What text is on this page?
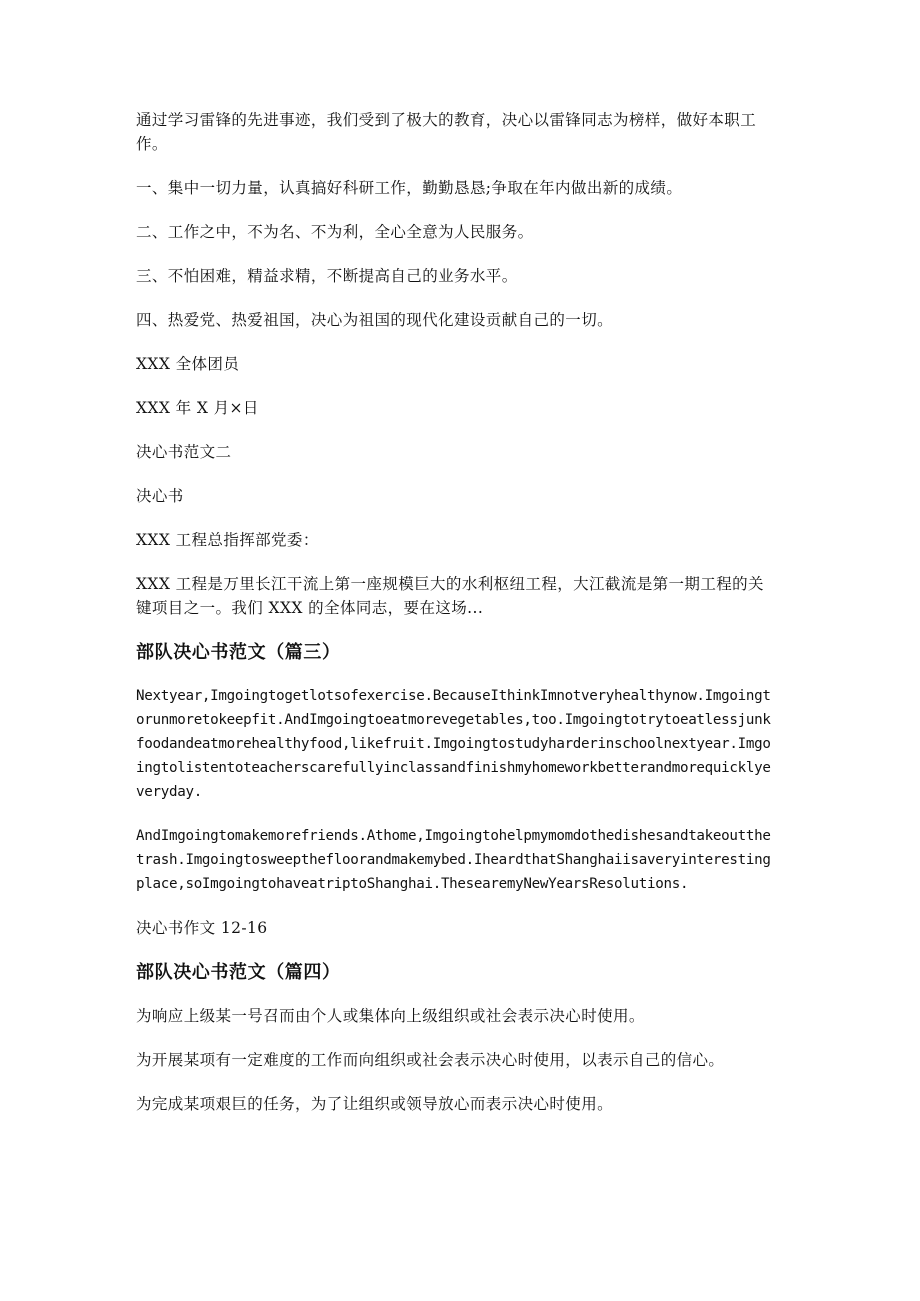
通过学习雷锋的先进事迹，我们受到了极大的教育，决心以雷锋同志为榜样，做好本职工作。

一、集中一切力量，认真搞好科研工作，勤勤恳恳;争取在年内做出新的成绩。

二、工作之中，不为名、不为利，全心全意为人民服务。

三、不怕困难，精益求精，不断提高自己的业务水平。

四、热爱党、热爱祖国，决心为祖国的现代化建设贡献自己的一切。

XXX 全体团员

XXX 年 X 月×日

决心书范文二

决心书

XXX 工程总指挥部党委：

XXX 工程是万里长江干流上第一座规模巨大的水利枢纽工程，大江截流是第一期工程的关键项目之一。我们 XXX 的全体同志，要在这场...

部队决心书范文（篇三）

Nextyear,Imgoingtogetlotsofexercise.BecauseIthinkImnotveryhealthynow.Imgoingtorunmoretokeepfit.AndImgoingtoeatmorevegetables,too.Imgoingtotrytoeatlessjunkfoodandeatmorehealthyfood,likefruit.Imgoingtostudyharderinschoolnextyear.Imgoingtolistentoteacherscarefullyinclassandfinishmyhomeworkbetterandmorequicklyeveryday.

AndImgoingtomakemorefriends.Athome,Imgoingtohelpmymomdothedishesandtakeoutthetrash.Imgoingtosweepthefloorandmakemybed.IheardthatShanghaiisaveryinterestingplace,soImgoingtohaveatriptoShanghai.ThesearemyNewYearsResolutions.

决心书作文 12-16

部队决心书范文（篇四）

为响应上级某一号召而由个人或集体向上级组织或社会表示决心时使用。

为开展某项有一定难度的工作而向组织或社会表示决心时使用，以表示自己的信心。

为完成某项艰巨的任务，为了让组织或领导放心而表示决心时使用。
